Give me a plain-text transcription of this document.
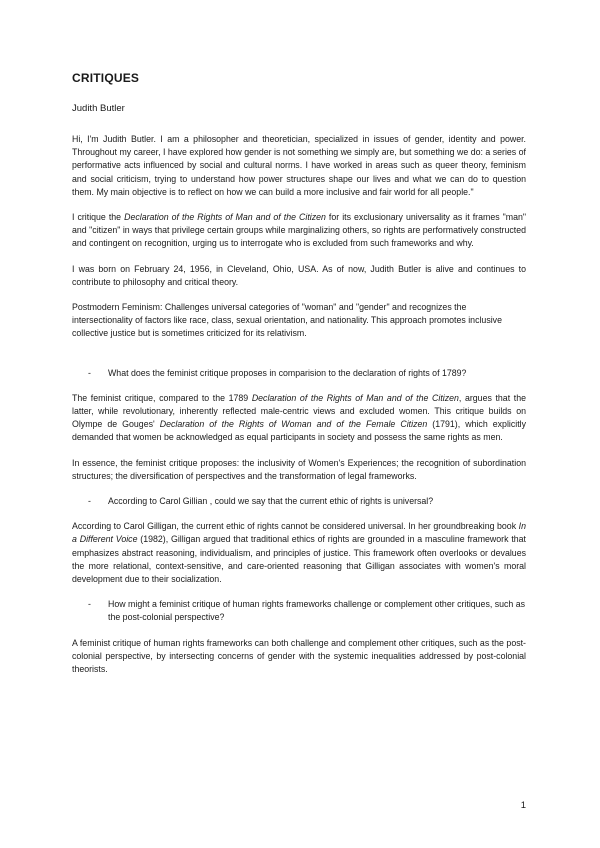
CRITIQUES
Judith Butler

Hi, I'm Judith Butler. I am a philosopher and theoretician, specialized in issues of gender, identity and power. Throughout my career, I have explored how gender is not something we simply are, but something we do: a series of performative acts influenced by social and cultural norms. I have worked in areas such as queer theory, feminism and social criticism, trying to understand how power structures shape our lives and what we can do to question them. My main objective is to reflect on how we can build a more inclusive and fair world for all people."

I critique the Declaration of the Rights of Man and of the Citizen for its exclusionary universality as it frames "man" and "citizen" in ways that privilege certain groups while marginalizing others, so rights are performatively constructed and contingent on recognition, urging us to interrogate who is excluded from such frameworks and why.

I was born on February 24, 1956, in Cleveland, Ohio, USA. As of now, Judith Butler is alive and continues to contribute to philosophy and critical theory.

Postmodern Feminism: Challenges universal categories of "woman" and "gender" and recognizes the intersectionality of factors like race, class, sexual orientation, and nationality. This approach promotes inclusive collective justice but is sometimes criticized for its relativism.

-	What does the feminist critique proposes in comparision to the declaration of rights of 1789?

The feminist critique, compared to the 1789 Declaration of the Rights of Man and of the Citizen, argues that the latter, while revolutionary, inherently reflected male-centric views and excluded women. This critique builds on Olympe de Gouges' Declaration of the Rights of Woman and of the Female Citizen (1791), which explicitly demanded that women be acknowledged as equal participants in society and possess the same rights as men.

In essence, the feminist critique proposes: the inclusivity of Women's Experiences; the recognition of subordination structures; the diversification of perspectives and the transformation of legal frameworks.

-	According to Carol Gillian , could we say that the current ethic of rights is universal?

According to Carol Gilligan, the current ethic of rights cannot be considered universal. In her groundbreaking book In a Different Voice (1982), Gilligan argued that traditional ethics of rights are grounded in a masculine framework that emphasizes abstract reasoning, individualism, and principles of justice. This framework often overlooks or devalues the more relational, context-sensitive, and care-oriented reasoning that Gilligan associates with women's moral development due to their socialization.

-	How might a feminist critique of human rights frameworks challenge or complement other critiques, such as the post-colonial perspective?

A feminist critique of human rights frameworks can both challenge and complement other critiques, such as the post-colonial perspective, by intersecting concerns of gender with the systemic inequalities addressed by post-colonial theorists.

1
